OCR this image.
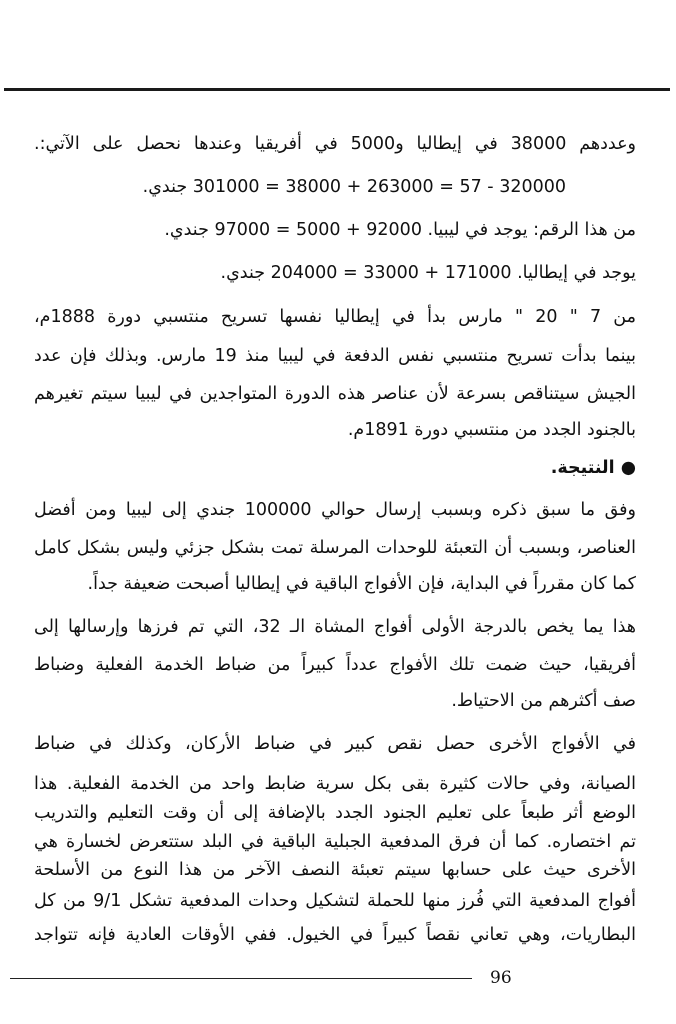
وعددهم 38000 في إيطاليا و5000 في أفريقيا وعندها نحصل على الآتي:.
320000 - 57 = 263000 + 38000 = 301000 جندي.
من هذا الرقم: يوجد في ليبيا. 92000 + 5000 = 97000 جندي.
يوجد في إيطاليا. 171000 + 33000 = 204000 جندي.
من 7 " 20 " مارس بدأ في إيطاليا نفسها تسريح منتسبي دورة 1888م،
بينما بدأت تسريح منتسبي نفس الدفعة في ليبيا منذ 19 مارس. وبذلك فإن عدد
الجيش سيتناقص بسرعة لأن عناصر هذه الدورة المتواجدين في ليبيا سيتم تغيرهم
بالجنود الجدد من منتسبي دورة 1891م.
● النتيجة.
وفق ما سبق ذكره وبسبب إرسال حوالي 100000 جندي إلى ليبيا ومن أفضل
العناصر، وبسبب أن التعبئة للوحدات المرسلة تمت بشكل جزئي وليس بشكل كامل
كما كان مقرراً في البداية، فإن الأفواج الباقية في إيطاليا أصبحت ضعيفة جداً.
هذا يما يخص بالدرجة الأولى أفواج المشاة الـ 32، التي تم فرزها وإرسالها إلى
أفريقيا، حيث ضمت تلك الأفواج عدداً كبيراً من ضباط الخدمة الفعلية وضباط
صف أكثرهم من الاحتياط.
في الأفواج الأخرى حصل نقص كبير في ضباط الأركان، وكذلك في ضباط
الصيانة، وفي حالات كثيرة بقى بكل سرية ضابط واحد من الخدمة الفعلية. هذا
الوضع أثر طبعاً على تعليم الجنود الجدد بالإضافة إلى أن وقت التعليم والتدريب
تم اختصاره. كما أن فرق المدفعية الجبلية الباقية في البلد ستتعرض لخسارة هي
الأخرى حيث على حسابها سيتم تعبئة النصف الآخر من هذا النوع من الأسلحة
أفواج المدفعية التي فُرز منها للحملة لتشكيل وحدات المدفعية تشكل 9/1 من كل
البطاريات، وهي تعاني نقصاً كبيراً في الخيول. ففي الأوقات العادية فإنه تتواجد
96
